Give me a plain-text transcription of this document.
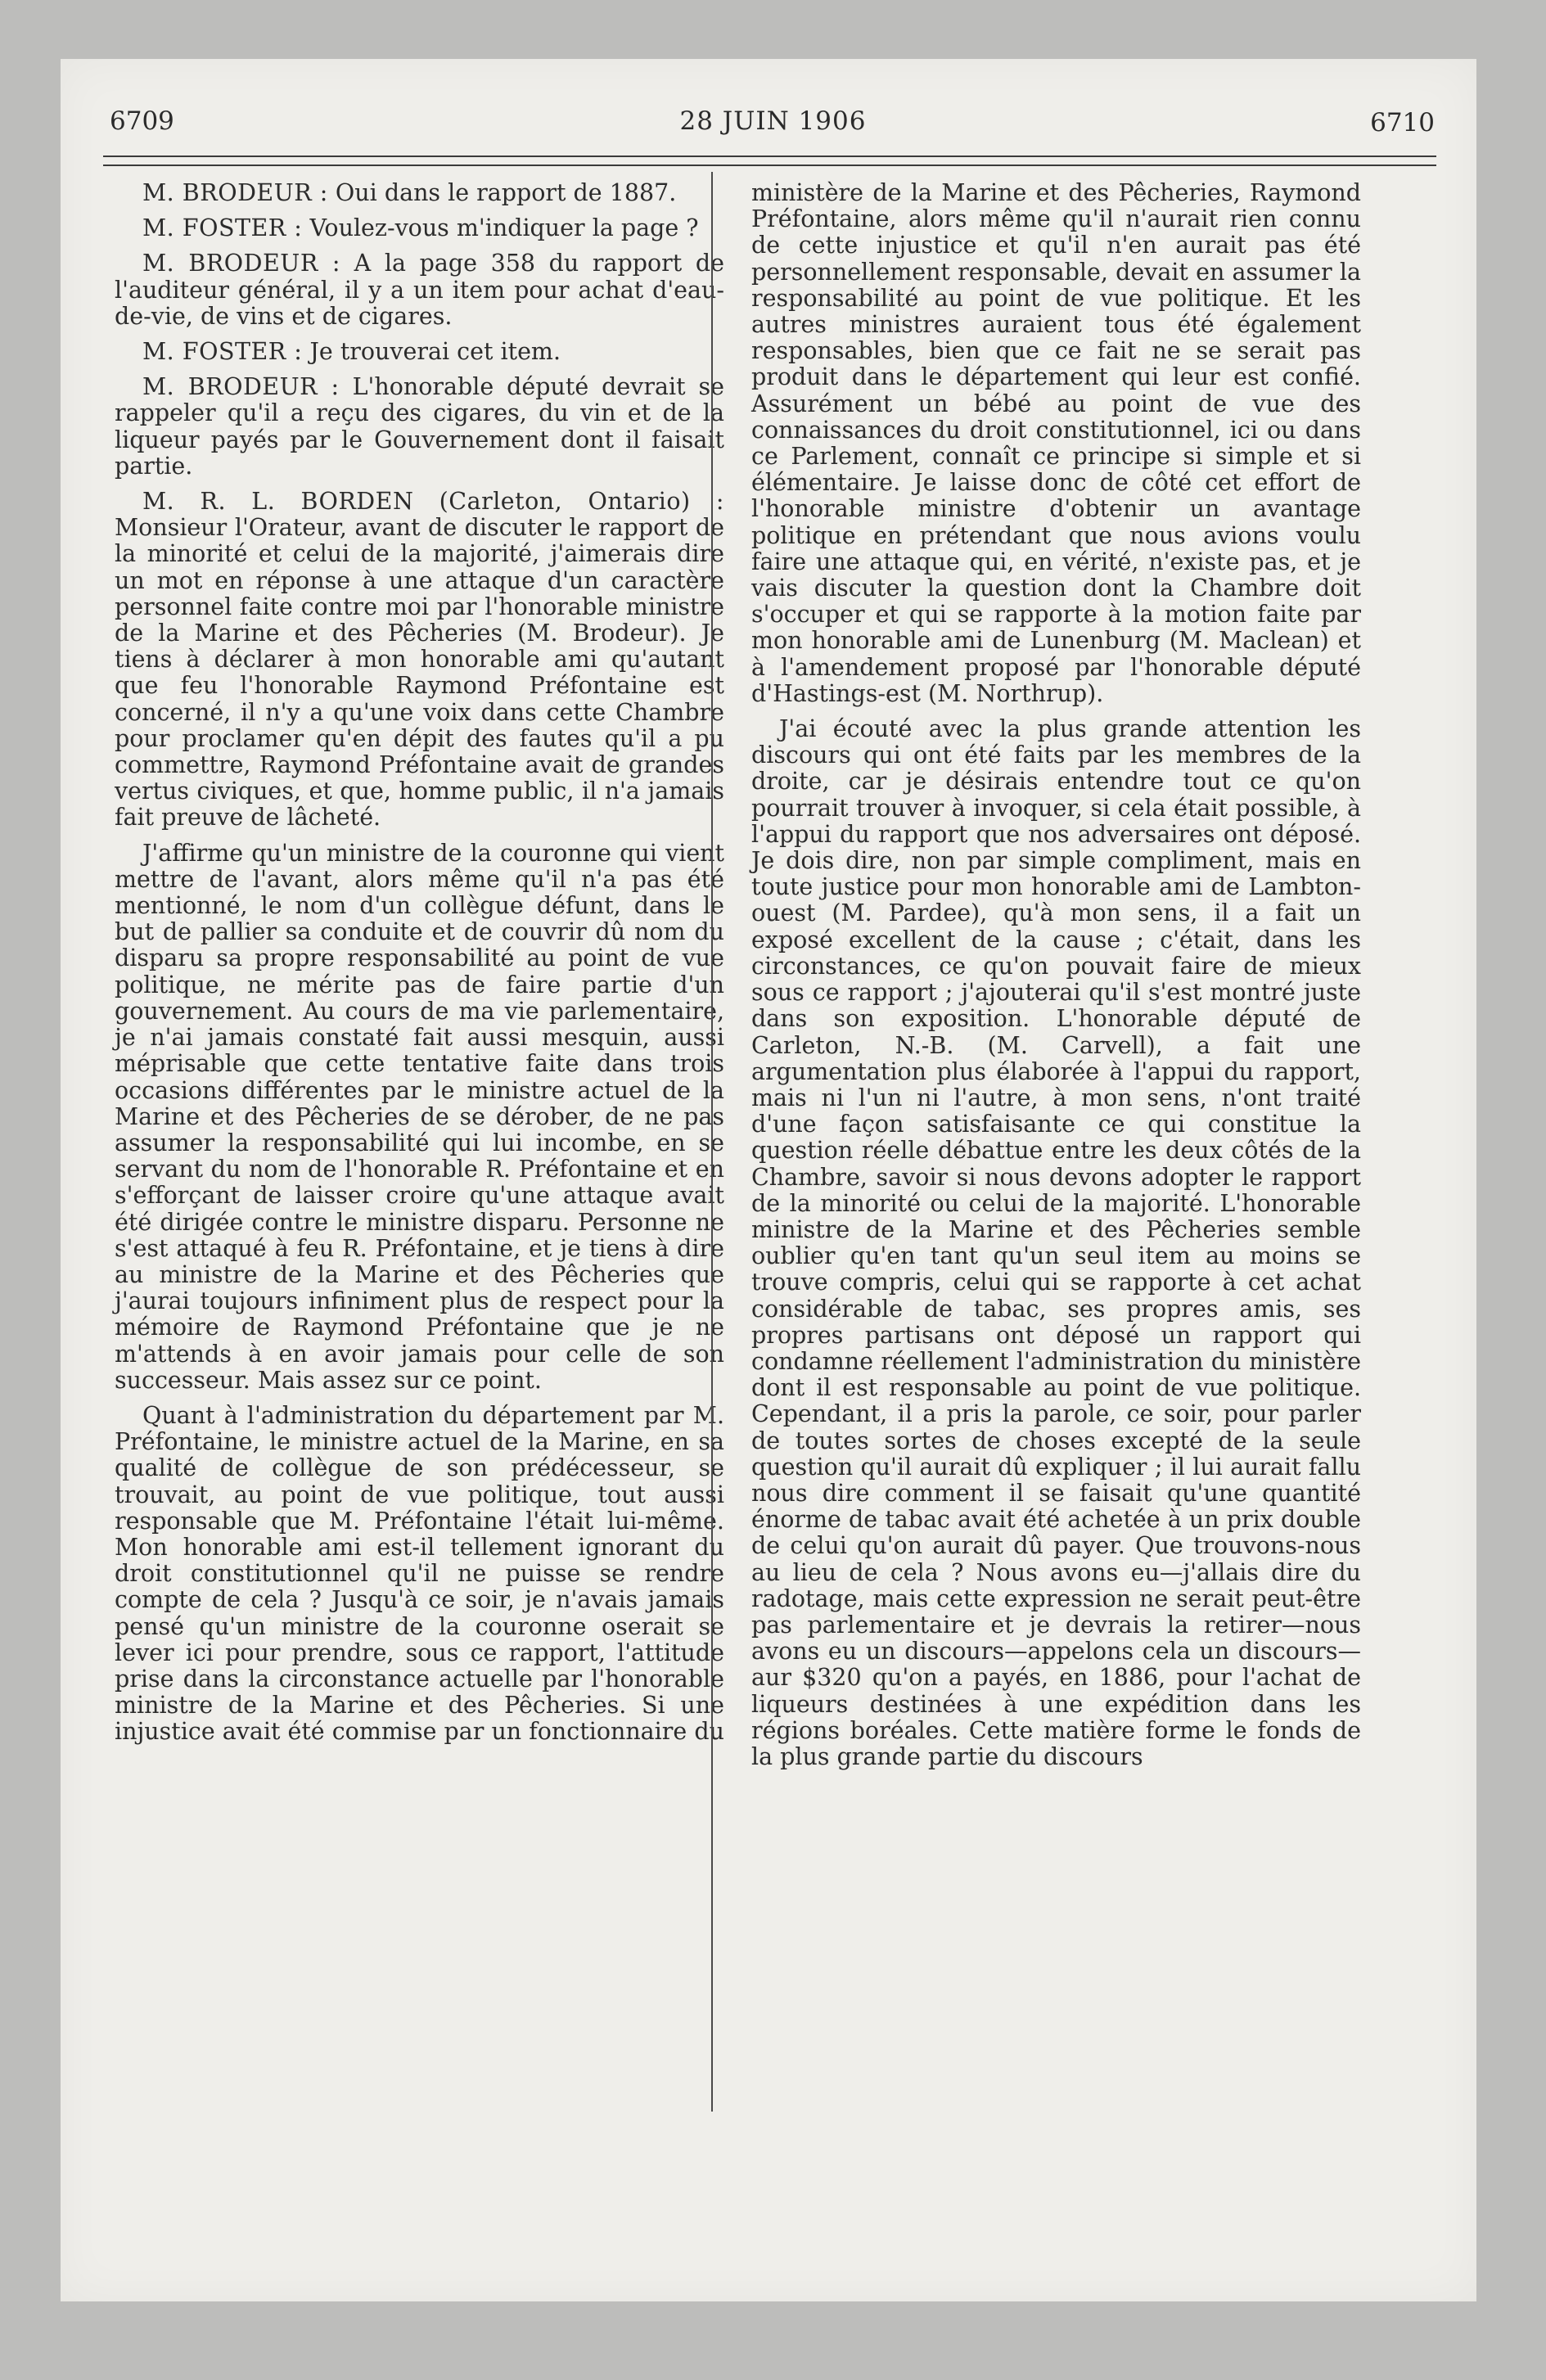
6709	28 JUIN 1906	6710

M. BRODEUR : Oui dans le rapport de 1887.

M. FOSTER : Voulez-vous m'indiquer la page ?

M. BRODEUR : A la page 358 du rapport de l'auditeur général, il y a un item pour achat d'eau-de-vie, de vins et de cigares.

M. FOSTER : Je trouverai cet item.

M. BRODEUR : L'honorable député devrait se rappeler qu'il a reçu des cigares, du vin et de la liqueur payés par le Gouvernement dont il faisait partie.

M. R. L. BORDEN (Carleton, Ontario) : Monsieur l'Orateur, avant de discuter le rapport de la minorité et celui de la majorité, j'aimerais dire un mot en réponse à une attaque d'un caractère personnel faite contre moi par l'honorable ministre de la Marine et des Pêcheries (M. Brodeur). Je tiens à déclarer à mon honorable ami qu'autant que feu l'honorable Raymond Préfontaine est concerné, il n'y a qu'une voix dans cette Chambre pour proclamer qu'en dépit des fautes qu'il a pu commettre, Raymond Préfontaine avait de grandes vertus civiques, et que, homme public, il n'a jamais fait preuve de lâcheté.

J'affirme qu'un ministre de la couronne qui vient mettre de l'avant, alors même qu'il n'a pas été mentionné, le nom d'un collègue défunt, dans le but de pallier sa conduite et de couvrir dû nom du disparu sa propre responsabilité au point de vue politique, ne mérite pas de faire partie d'un gouvernement. Au cours de ma vie parlementaire, je n'ai jamais constaté fait aussi mesquin, aussi méprisable que cette tentative faite dans trois occasions différentes par le ministre actuel de la Marine et des Pêcheries de se dérober, de ne pas assumer la responsabilité qui lui incombe, en se servant du nom de l'honorable R. Préfontaine et en s'efforçant de laisser croire qu'une attaque avait été dirigée contre le ministre disparu. Personne ne s'est attaqué à feu R. Préfontaine, et je tiens à dire au ministre de la Marine et des Pêcheries que j'aurai toujours infiniment plus de respect pour la mémoire de Raymond Préfontaine que je ne m'attends à en avoir jamais pour celle de son successeur. Mais assez sur ce point.

Quant à l'administration du département par M. Préfontaine, le ministre actuel de la Marine, en sa qualité de collègue de son prédécesseur, se trouvait, au point de vue politique, tout aussi responsable que M. Préfontaine l'était lui-même. Mon honorable ami est-il tellement ignorant du droit constitutionnel qu'il ne puisse se rendre compte de cela ? Jusqu'à ce soir, je n'avais jamais pensé qu'un ministre de la couronne oserait se lever ici pour prendre, sous ce rapport, l'attitude prise dans la circonstance actuelle par l'honorable ministre de la Marine et des Pêcheries. Si une injustice avait été commise par un fonctionnaire du

ministère de la Marine et des Pêcheries, Raymond Préfontaine, alors même qu'il n'aurait rien connu de cette injustice et qu'il n'en aurait pas été personnellement responsable, devait en assumer la responsabilité au point de vue politique. Et les autres ministres auraient tous été également responsables, bien que ce fait ne se serait pas produit dans le département qui leur est confié. Assurément un bébé au point de vue des connaissances du droit constitutionnel, ici ou dans ce Parlement, connaît ce principe si simple et si élémentaire. Je laisse donc de côté cet effort de l'honorable ministre d'obtenir un avantage politique en prétendant que nous avions voulu faire une attaque qui, en vérité, n'existe pas, et je vais discuter la question dont la Chambre doit s'occuper et qui se rapporte à la motion faite par mon honorable ami de Lunenburg (M. Maclean) et à l'amendement proposé par l'honorable député d'Hastings-est (M. Northrup).

J'ai écouté avec la plus grande attention les discours qui ont été faits par les membres de la droite, car je désirais entendre tout ce qu'on pourrait trouver à invoquer, si cela était possible, à l'appui du rapport que nos adversaires ont déposé. Je dois dire, non par simple compliment, mais en toute justice pour mon honorable ami de Lambton-ouest (M. Pardee), qu'à mon sens, il a fait un exposé excellent de la cause ; c'était, dans les circonstances, ce qu'on pouvait faire de mieux sous ce rapport ; j'ajouterai qu'il s'est montré juste dans son exposition. L'honorable député de Carleton, N.-B. (M. Carvell), a fait une argumentation plus élaborée à l'appui du rapport, mais ni l'un ni l'autre, à mon sens, n'ont traité d'une façon satisfaisante ce qui constitue la question réelle débattue entre les deux côtés de la Chambre, savoir si nous devons adopter le rapport de la minorité ou celui de la majorité. L'honorable ministre de la Marine et des Pêcheries semble oublier qu'en tant qu'un seul item au moins se trouve compris, celui qui se rapporte à cet achat considérable de tabac, ses propres amis, ses propres partisans ont déposé un rapport qui condamne réellement l'administration du ministère dont il est responsable au point de vue politique. Cependant, il a pris la parole, ce soir, pour parler de toutes sortes de choses excepté de la seule question qu'il aurait dû expliquer ; il lui aurait fallu nous dire comment il se faisait qu'une quantité énorme de tabac avait été achetée à un prix double de celui qu'on aurait dû payer. Que trouvons-nous au lieu de cela ? Nous avons eu—j'allais dire du radotage, mais cette expression ne serait peut-être pas parlementaire et je devrais la retirer—nous avons eu un discours—appelons cela un discours—aur $320 qu'on a payés, en 1886, pour l'achat de liqueurs destinées à une expédition dans les régions boréales. Cette matière forme le fonds de la plus grande partie du discours
